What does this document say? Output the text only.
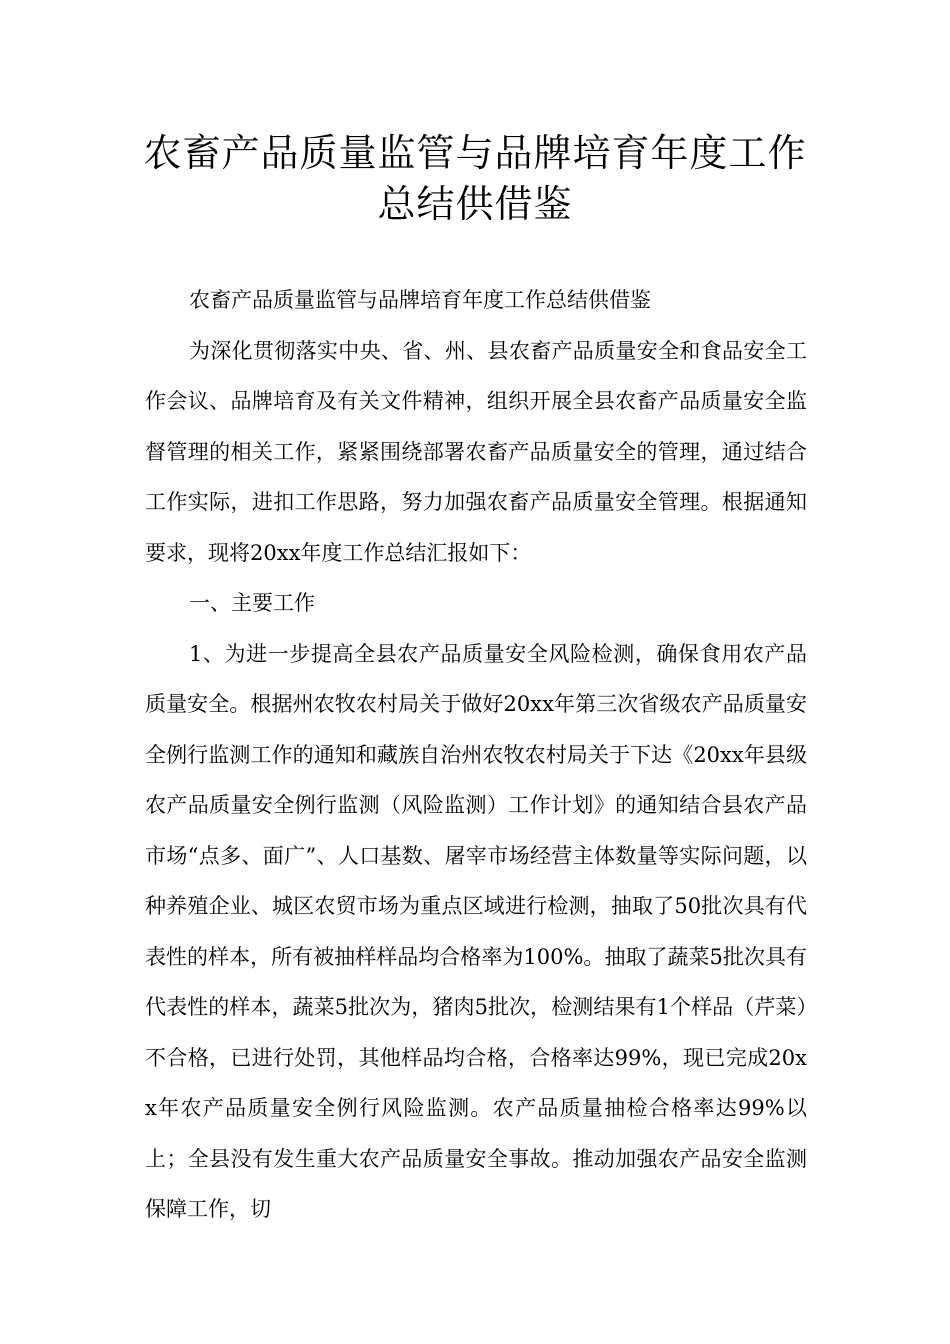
农畜产品质量监管与品牌培育年度工作
总结供借鉴

农畜产品质量监管与品牌培育年度工作总结供借鉴

为深化贯彻落实中央、省、州、县农畜产品质量安全和食品安全工作会议、品牌培育及有关文件精神，组织开展全县农畜产品质量安全监督管理的相关工作，紧紧围绕部署农畜产品质量安全的管理，通过结合工作实际，进扣工作思路，努力加强农畜产品质量安全管理。根据通知要求，现将20xx年度工作总结汇报如下：

一、主要工作

1、为进一步提高全县农产品质量安全风险检测，确保食用农产品质量安全。根据州农牧农村局关于做好20xx年第三次省级农产品质量安全例行监测工作的通知和藏族自治州农牧农村局关于下达《20xx年县级农产品质量安全例行监测（风险监测）工作计划》的通知结合县农产品市场“点多、面广”、人口基数、屠宰市场经营主体数量等实际问题，以种养殖企业、城区农贸市场为重点区域进行检测，抽取了50批次具有代表性的样本，所有被抽样样品均合格率为100%。抽取了蔬菜5批次具有代表性的样本，蔬菜5批次为，猪肉5批次，检测结果有1个样品（芹菜）不合格，已进行处罚，其他样品均合格，合格率达99%，现已完成20xx年农产品质量安全例行风险监测。农产品质量抽检合格率达99%以上；全县没有发生重大农产品质量安全事故。推动加强农产品安全监测保障工作，切
